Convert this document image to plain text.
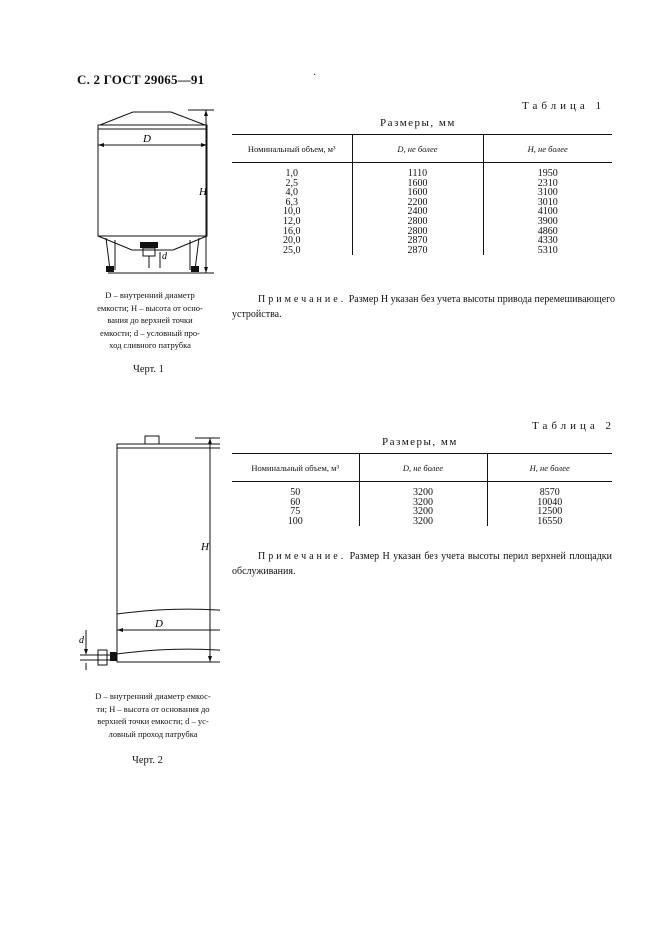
С. 2 ГОСТ 29065—91	·
D
H
d
D – внутренний диаметр
емкости; H – высота от осно-
вания до верхней точки
емкости; d – условный про-
ход сливного патрубка
Черт. 1
Таблица 1
Размеры, мм
Номинальный объем, м³	D, не более	H, не более
1,0	1110	1950
2,5	1600	2310
4,0	1600	3100
6,3	2200	3010
10,0	2400	4100
12,0	2800	3900
16,0	2800	4860
20,0	2870	4330
25,0	2870	5310
Примечание. Размер H указан без учета высоты привода перемешивающего устройства.
D
H
d
D – внутренний диаметр емкос-
ти; H – высота от основания до
верхней точки емкости; d – ус-
ловный проход патрубка
Черт. 2
Таблица 2
Размеры, мм
Номинальный объем, м³	D, не более	H, не более
50	3200	8570
60	3200	10040
75	3200	12500
100	3200	16550
Примечание. Размер H указан без учета высоты перил верхней площадки обслуживания.
